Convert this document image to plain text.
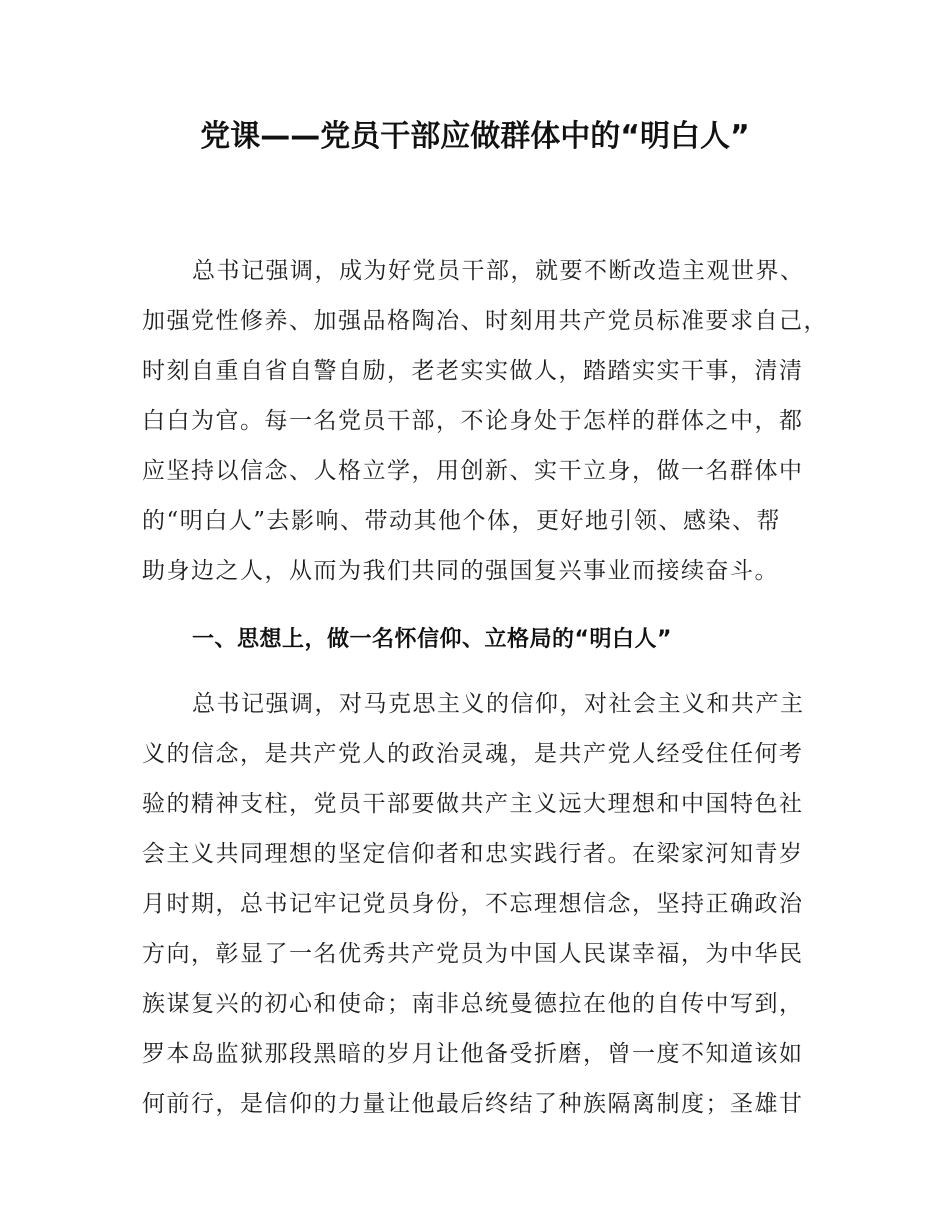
党课——党员干部应做群体中的“明白人”
总书记强调，成为好党员干部，就要不断改造主观世界、
加强党性修养、加强品格陶冶、时刻用共产党员标准要求自己，
时刻自重自省自警自励，老老实实做人，踏踏实实干事，清清
白白为官。每一名党员干部，不论身处于怎样的群体之中，都
应坚持以信念、人格立学，用创新、实干立身，做一名群体中
的“明白人”去影响、带动其他个体，更好地引领、感染、帮
助身边之人，从而为我们共同的强国复兴事业而接续奋斗。
一、思想上，做一名怀信仰、立格局的“明白人”
总书记强调，对马克思主义的信仰，对社会主义和共产主
义的信念，是共产党人的政治灵魂，是共产党人经受住任何考
验的精神支柱，党员干部要做共产主义远大理想和中国特色社
会主义共同理想的坚定信仰者和忠实践行者。在梁家河知青岁
月时期，总书记牢记党员身份，不忘理想信念，坚持正确政治
方向，彰显了一名优秀共产党员为中国人民谋幸福，为中华民
族谋复兴的初心和使命；南非总统曼德拉在他的自传中写到，
罗本岛监狱那段黑暗的岁月让他备受折磨，曾一度不知道该如
何前行，是信仰的力量让他最后终结了种族隔离制度；圣雄甘
